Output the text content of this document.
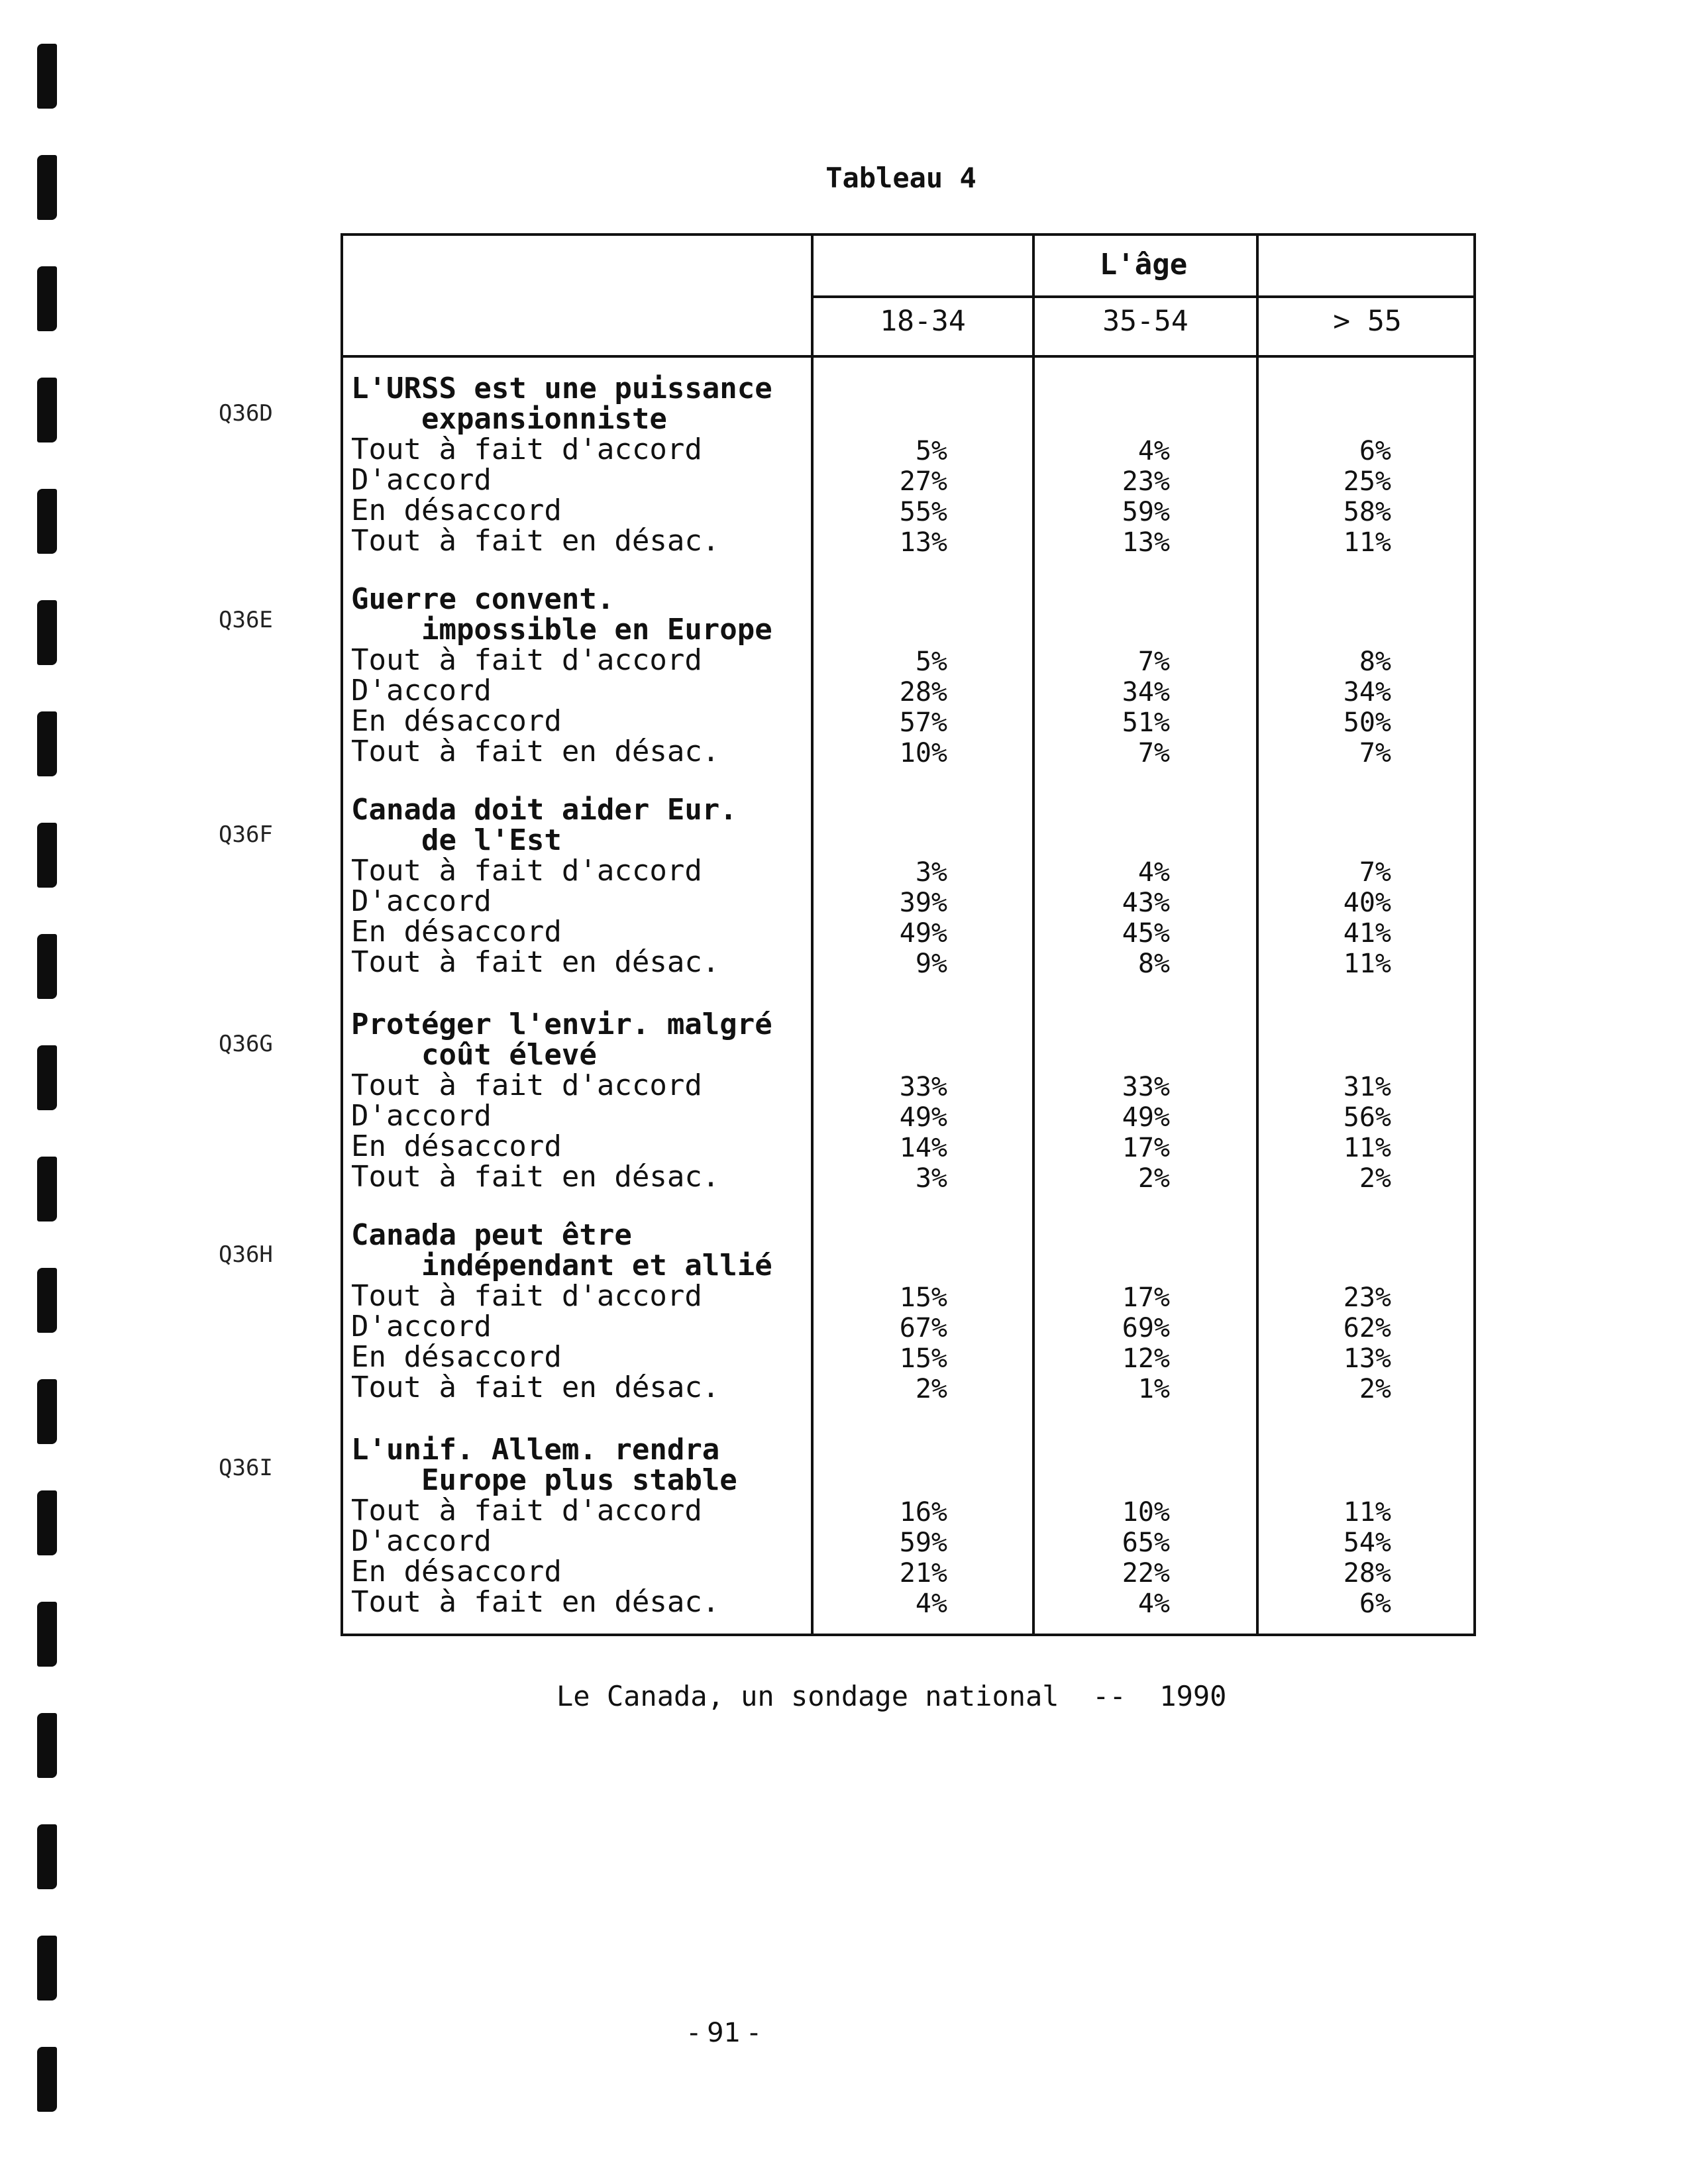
Tableau 4
L'âge
18-34	35-54	> 55
Q36D
L'URSS est une puissance
expansionniste
Tout à fait d'accord	5%	4%	6%
D'accord	27%	23%	25%
En désaccord	55%	59%	58%
Tout à fait en désac.	13%	13%	11%
Q36E
Guerre convent.
impossible en Europe
Tout à fait d'accord	5%	7%	8%
D'accord	28%	34%	34%
En désaccord	57%	51%	50%
Tout à fait en désac.	10%	7%	7%
Q36F
Canada doit aider Eur.
de l'Est
Tout à fait d'accord	3%	4%	7%
D'accord	39%	43%	40%
En désaccord	49%	45%	41%
Tout à fait en désac.	9%	8%	11%
Q36G
Protéger l'envir. malgré
coût élevé
Tout à fait d'accord	33%	33%	31%
D'accord	49%	49%	56%
En désaccord	14%	17%	11%
Tout à fait en désac.	3%	2%	2%
Q36H
Canada peut être
indépendant et allié
Tout à fait d'accord	15%	17%	23%
D'accord	67%	69%	62%
En désaccord	15%	12%	13%
Tout à fait en désac.	2%	1%	2%
Q36I
L'unif. Allem. rendra
Europe plus stable
Tout à fait d'accord	16%	10%	11%
D'accord	59%	65%	54%
En désaccord	21%	22%	28%
Tout à fait en désac.	4%	4%	6%
Le Canada, un sondage national  --  1990
- 91 -
